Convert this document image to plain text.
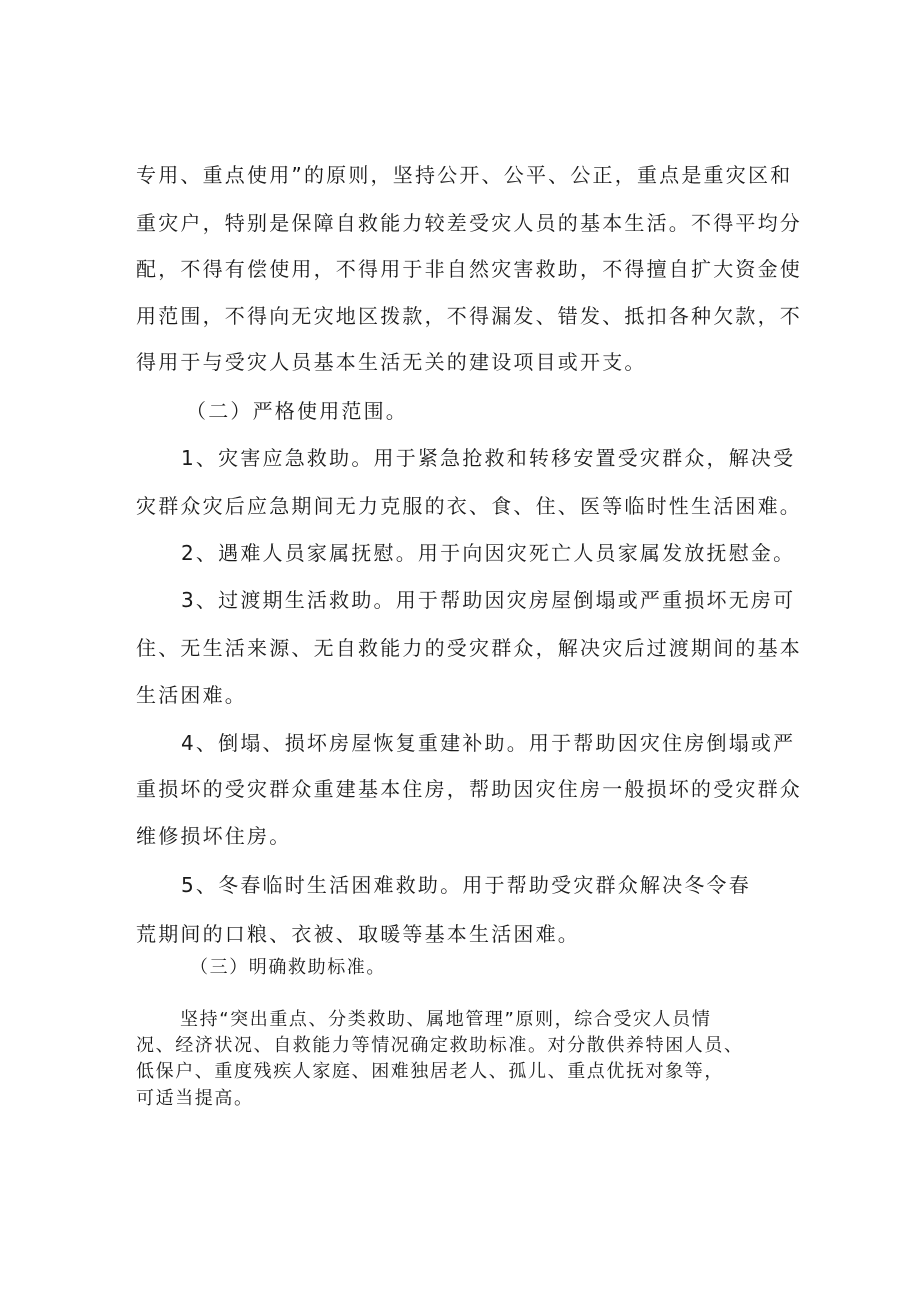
专用、重点使用”的原则，坚持公开、公平、公正，重点是重灾区和
重灾户，特别是保障自救能力较差受灾人员的基本生活。不得平均分
配，不得有偿使用，不得用于非自然灾害救助，不得擅自扩大资金使
用范围，不得向无灾地区拨款，不得漏发、错发、抵扣各种欠款，不
得用于与受灾人员基本生活无关的建设项目或开支。
（二）严格使用范围。
1、灾害应急救助。用于紧急抢救和转移安置受灾群众，解决受
灾群众灾后应急期间无力克服的衣、食、住、医等临时性生活困难。
2、遇难人员家属抚慰。用于向因灾死亡人员家属发放抚慰金。
3、过渡期生活救助。用于帮助因灾房屋倒塌或严重损坏无房可
住、无生活来源、无自救能力的受灾群众，解决灾后过渡期间的基本
生活困难。
4、倒塌、损坏房屋恢复重建补助。用于帮助因灾住房倒塌或严
重损坏的受灾群众重建基本住房，帮助因灾住房一般损坏的受灾群众
维修损坏住房。
5、冬春临时生活困难救助。用于帮助受灾群众解决冬令春
荒期间的口粮、衣被、取暖等基本生活困难。
（三）明确救助标准。
坚持“突出重点、分类救助、属地管理”原则，综合受灾人员情
况、经济状况、自救能力等情况确定救助标准。对分散供养特困人员、
低保户、重度残疾人家庭、困难独居老人、孤儿、重点优抚对象等，
可适当提高。
